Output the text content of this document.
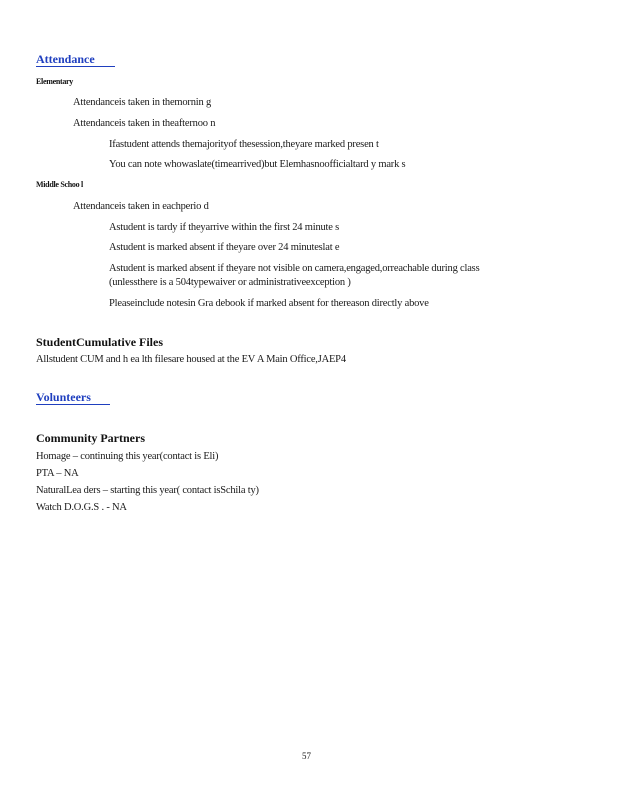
Attendance
Elementary
Attendanceis taken in themornin g
Attendanceis taken in theafternoo n
Ifastudent attends themajorityof thesession,theyare marked presen t
You can note whowaslate(timearrived)but Elemhasnoofficialtard y mark s
Middle Schoo l
Attendanceis taken in eachperio d
Astudent is tardy if theyarrive within the first 24 minute s
Astudent is marked absent if theyare over 24 minuteslat e
Astudent is marked absent if theyare not visible on camera,engaged,orreachable during class
(unlessthere is a 504typewaiver or administrativeexception )
Pleaseinclude notesin Gra debook if marked absent for thereason directly above
StudentCumulative Files
Allstudent CUM and h ea lth filesare housed at the EV A Main Office,JAEP4
Volunteers
Community Partners
Homage – continuing this year(contact is Eli)
PTA – NA
NaturalLea ders – starting this year( contact isSchila ty)
Watch D.O.G.S . - NA
57
